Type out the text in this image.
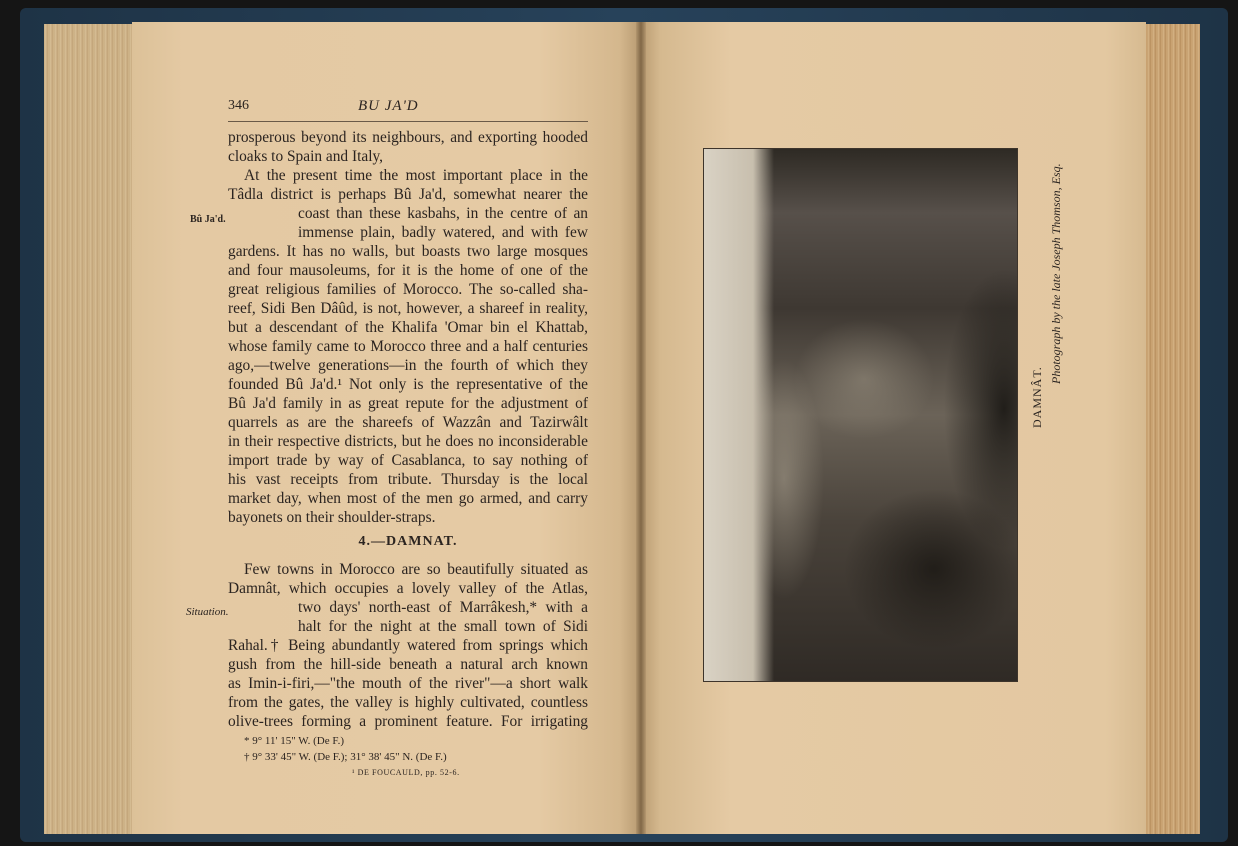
346	BU JA'D
prosperous beyond its neighbours, and exporting hooded
cloaks to Spain and Italy,
At the present time the most important place in the
Tâdla district is perhaps Bû Ja'd, somewhat nearer the
Bû Ja'd.	coast than these kasbahs, in the centre of an
immense plain, badly watered, and with few
gardens. It has no walls, but boasts two large mosques
and four mausoleums, for it is the home of one of the
great religious families of Morocco. The so-called sha-
reef, Sidi Ben Dâûd, is not, however, a shareef in reality,
but a descendant of the Khalifa 'Omar bin el Khattab,
whose family came to Morocco three and a half centuries
ago,—twelve generations—in the fourth of which they
founded Bû Ja'd.¹ Not only is the representative of the
Bû Ja'd family in as great repute for the adjustment of
quarrels as are the shareefs of Wazzân and Tazirwâlt
in their respective districts, but he does no inconsiderable
import trade by way of Casablanca, to say nothing of
his vast receipts from tribute. Thursday is the local
market day, when most of the men go armed, and carry
bayonets on their shoulder-straps.
4.—DAMNAT.
Few towns in Morocco are so beautifully situated as
Damnât, which occupies a lovely valley of the Atlas,
Situation.	two days' north-east of Marrâkesh,* with a
halt for the night at the small town of Sidi
Rahal.† Being abundantly watered from springs which
gush from the hill-side beneath a natural arch known
as Imin-i-firi,—"the mouth of the river"—a short walk
from the gates, the valley is highly cultivated, countless
olive-trees forming a prominent feature. For irrigating
* 9° 11' 15" W. (De F.)
† 9° 33' 45" W. (De F.); 31° 38' 45" N. (De F.)
¹ DE FOUCAULD, pp. 52-6.
DAMNÂT.
Photograph by the late Joseph Thomson, Esq.
